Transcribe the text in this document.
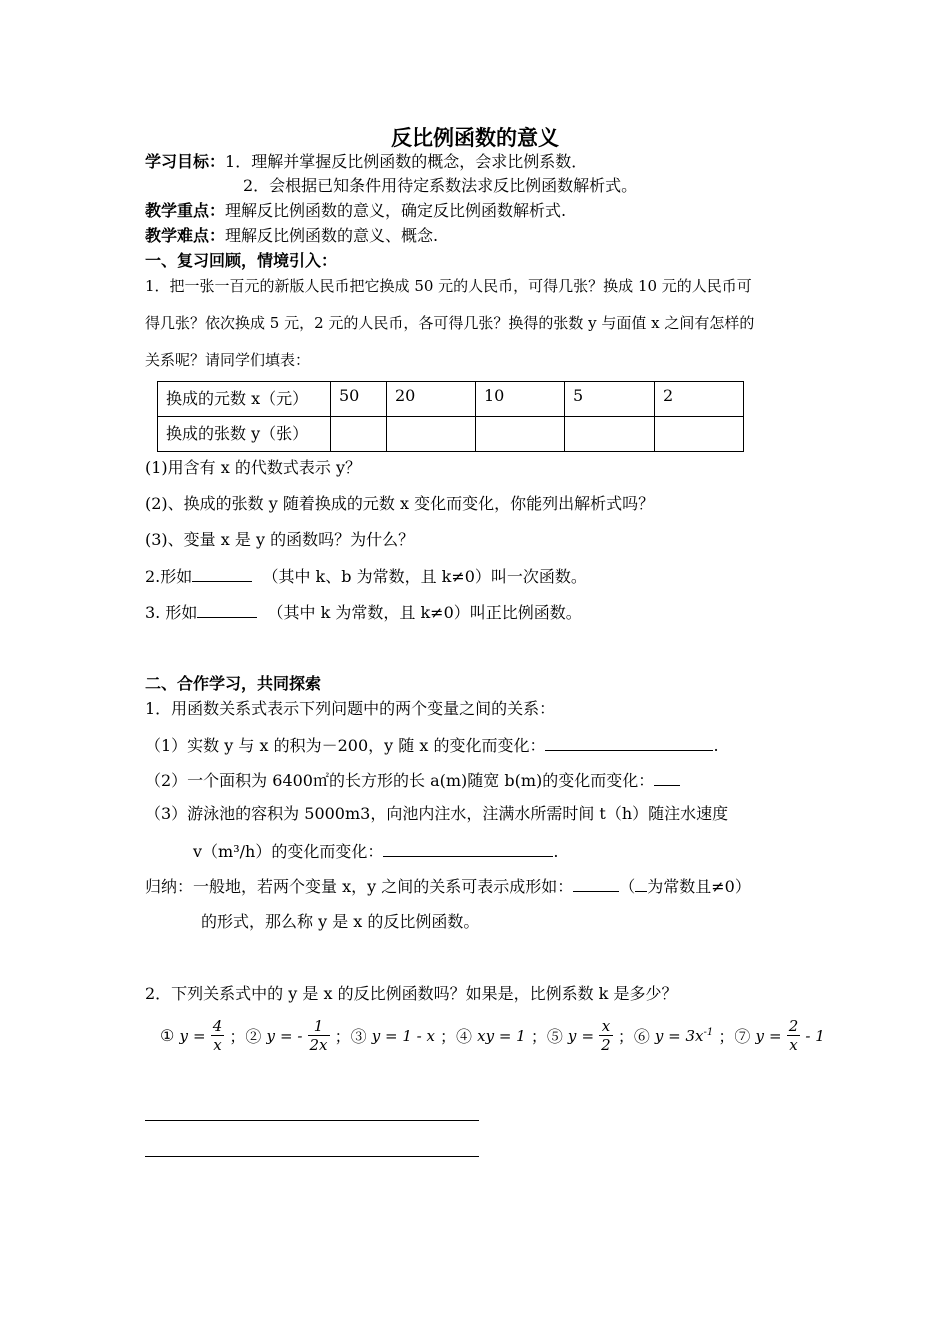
反比例函数的意义
学习目标：1．理解并掌握反比例函数的概念，会求比例系数．
2．会根据已知条件用待定系数法求反比例函数解析式。
教学重点：理解反比例函数的意义，确定反比例函数解析式.
教学难点：理解反比例函数的意义、概念.
一、复习回顾，情境引入：
1．把一张一百元的新版人民币把它换成 50 元的人民币，可得几张？换成 10 元的人民币可
得几张？依次换成 5 元，2 元的人民币，各可得几张？换得的张数 y 与面值 x 之间有怎样的
关系呢？请同学们填表：
换成的元数 x（元）	50	20	10	5	2
换成的张数 y（张）					
(1)用含有 x 的代数式表示 y？
(2)、换成的张数 y 随着换成的元数 x 变化而变化，你能列出解析式吗？
(3)、变量 x 是 y 的函数吗？为什么？
2.形如	（其中 k、b 为常数，且 k≠0）叫一次函数。
3. 形如	（其中 k 为常数，且 k≠0）叫正比例函数。
二、合作学习，共同探索
1．用函数关系式表示下列问题中的两个变量之间的关系：
（1）实数 y 与 x 的积为－200，y 随 x 的变化而变化：	.
（2）一个面积为 6400㎡的长方形的长 a(m)随宽 b(m)的变化而变化：
（3）游泳池的容积为 5000m3，向池内注水，注满水所需时间 t（h）随注水速度
v（m³/h）的变化而变化：	.
归纳：一般地，若两个变量 x，y 之间的关系可表示成形如：	（ 为常数且≠0）
的形式，那么称 y 是 x 的反比例函数。
2．下列关系式中的 y 是 x 的反比例函数吗？如果是，比例系数 k 是多少？
① $y = \frac{4}{x}$ ；② y = - $\frac{1}{2x}$ ；③ y = 1 - x ；④ xy = 1 ；⑤ $y = \frac{x}{2}$ ；⑥ $y = 3x^{-1}$ ；⑦ $y = \frac{2}{x} - 1$
